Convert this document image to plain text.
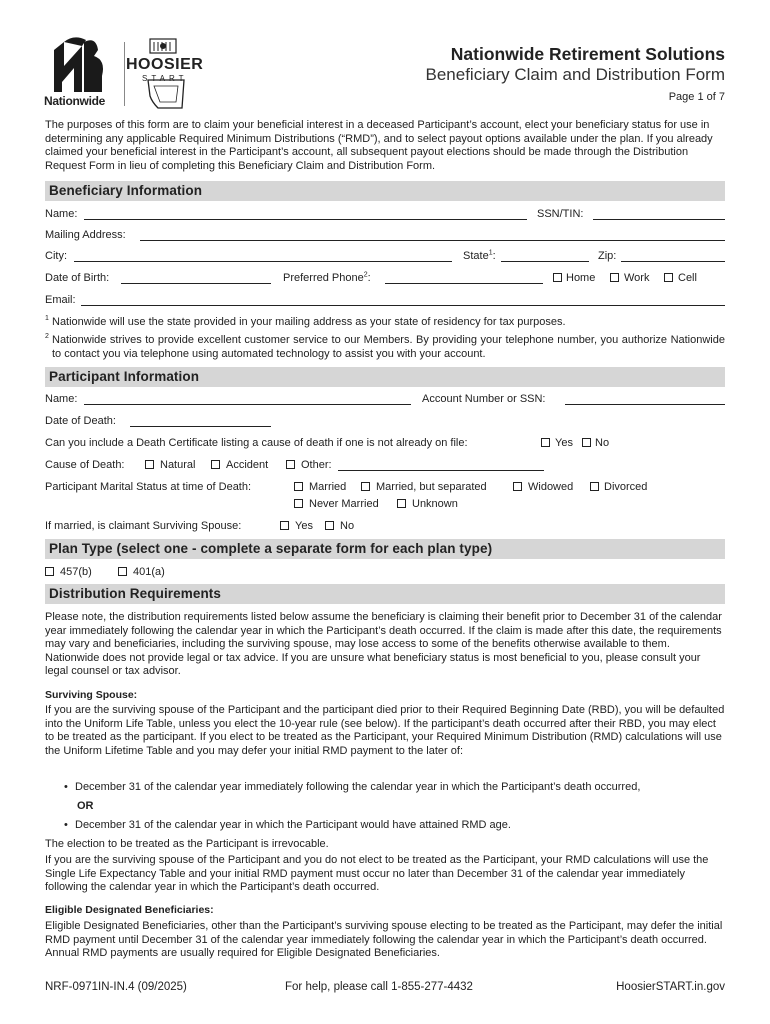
Nationwide
HOOSIER
START
Nationwide Retirement Solutions
Beneficiary Claim and Distribution Form
Page 1 of 7
The purposes of this form are to claim your beneficial interest in a deceased Participant’s account, elect your beneficiary status for use in determining any applicable Required Minimum Distributions (“RMD”), and to select payout options available under the plan. If you already claimed your beneficial interest in the Participant’s account, all subsequent payout elections should be made through the Distribution Request Form in lieu of completing this Beneficiary Claim and Distribution Form.
Beneficiary Information
Name:	SSN/TIN:
Mailing Address:
City:	State$^1$:	Zip:
Date of Birth:	Preferred Phone$^2$:	Home	Work	Cell
Email:
1 Nationwide will use the state provided in your mailing address as your state of residency for tax purposes.
2 Nationwide strives to provide excellent customer service to our Members. By providing your telephone number, you authorize Nationwide to contact you via telephone using automated technology to assist you with your account.
Participant Information
Name:	Account Number or SSN:
Date of Death:
Can you include a Death Certificate listing a cause of death if one is not already on file:	Yes No
Cause of Death:	Natural	Accident	Other:
Participant Marital Status at time of Death:	Married	Married, but separated	Widowed	Divorced
Never Married	Unknown
If married, is claimant Surviving Spouse:	Yes No
Plan Type (select one - complete a separate form for each plan type)
457(b)	401(a)
Distribution Requirements
Please note, the distribution requirements listed below assume the beneficiary is claiming their benefit prior to December 31 of the calendar year immediately following the calendar year in which the Participant’s death occurred. If the claim is made after this date, the requirements may vary and beneficiaries, including the surviving spouse, may lose access to some of the benefits otherwise available to them. Nationwide does not provide legal or tax advice. If you are unsure what beneficiary status is most beneficial to you, please consult your legal counsel or tax advisor.
Surviving Spouse:
If you are the surviving spouse of the Participant and the participant died prior to their Required Beginning Date (RBD), you will be defaulted into the Uniform Life Table, unless you elect the 10-year rule (see below). If the participant’s death occurred after their RBD, you may elect to be treated as the participant. If you elect to be treated as the Participant, your Required Minimum Distribution (RMD) calculations will use the Uniform Lifetime Table and you may defer your initial RMD payment to the later of:
• December 31 of the calendar year immediately following the calendar year in which the Participant’s death occurred,
OR
• December 31 of the calendar year in which the Participant would have attained RMD age.
The election to be treated as the Participant is irrevocable.
If you are the surviving spouse of the Participant and you do not elect to be treated as the Participant, your RMD calculations will use the Single Life Expectancy Table and your initial RMD payment must occur no later than December 31 of the calendar year immediately following the calendar year in which the Participant’s death occurred.
Eligible Designated Beneficiaries:
Eligible Designated Beneficiaries, other than the Participant’s surviving spouse electing to be treated as the Participant, may defer the initial RMD payment until December 31 of the calendar year immediately following the calendar year in which the Participant’s death occurred. Annual RMD payments are usually required for Eligible Designated Beneficiaries.
NRF-0971IN-IN.4 (09/2025)	For help, please call 1-855-277-4432	HoosierSTART.in.gov
